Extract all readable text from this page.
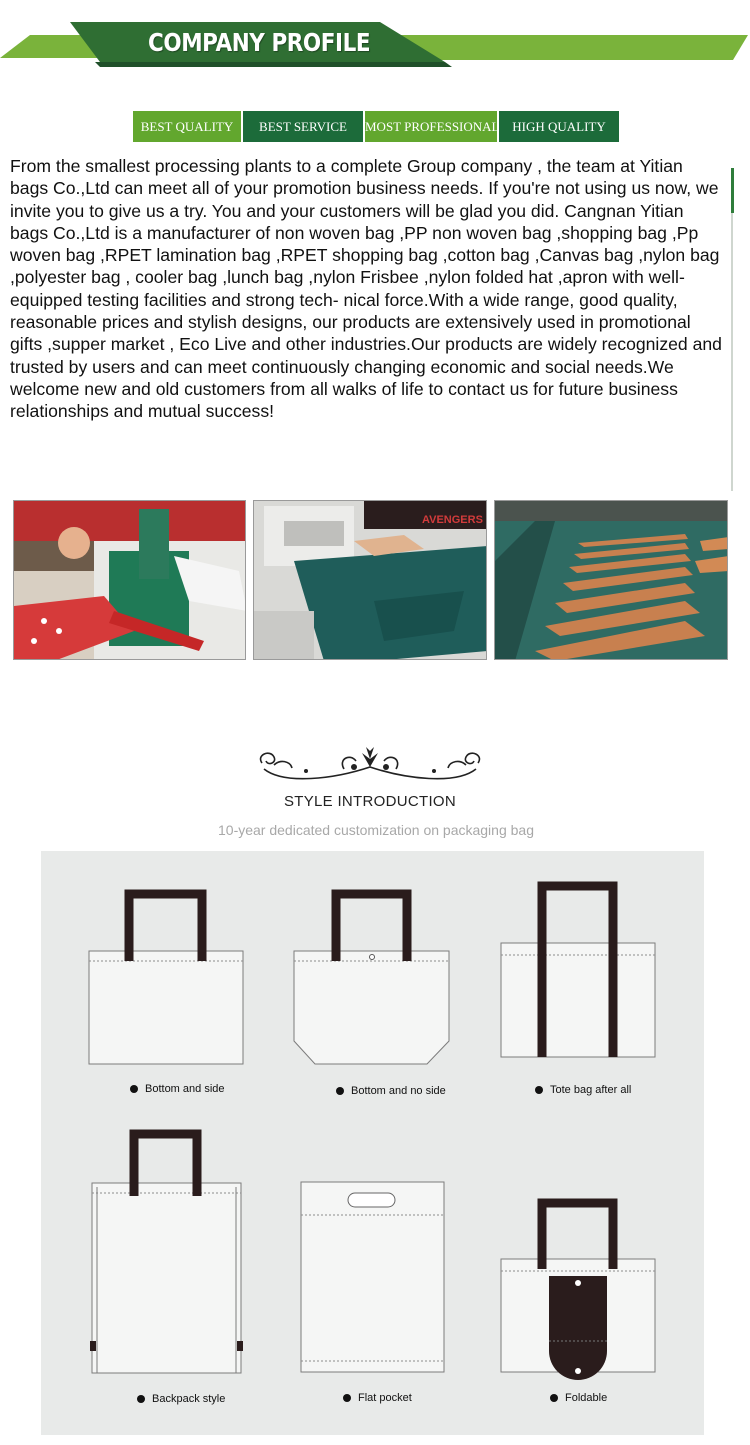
COMPANY PROFILE
BEST QUALITY	BEST SERVICE	MOST PROFESSIONAL HIGH QUALITY
From the smallest processing plants to a complete Group company , the team at Yitian bags Co.,Ltd can meet all of your promotion business needs. If you're not using us now, we invite you to give us a try. You and your customers will be glad you did. Cangnan Yitian bags Co.,Ltd is a manufacturer of non woven bag ,PP non woven bag ,shopping bag ,Pp woven bag ,RPET lamination bag ,RPET shopping bag ,cotton bag ,Canvas bag ,nylon bag ,polyester bag , cooler bag ,lunch bag ,nylon Frisbee ,nylon folded hat ,apron with well-equipped testing facilities and strong tech- nical force.With a wide range, good quality, reasonable prices and stylish designs, our products are extensively used in promotional gifts ,supper market , Eco Live and other industries.Our products are widely recognized and trusted by users and can meet continuously changing economic and social needs.We welcome new and old customers from all walks of life to contact us for future business relationships and mutual success!
AVENGERS
STYLE INTRODUCTION
10-year dedicated customization on packaging bag
Bottom and side	Bottom and no side	Tote bag after all
Backpack style	Flat pocket	Foldable
